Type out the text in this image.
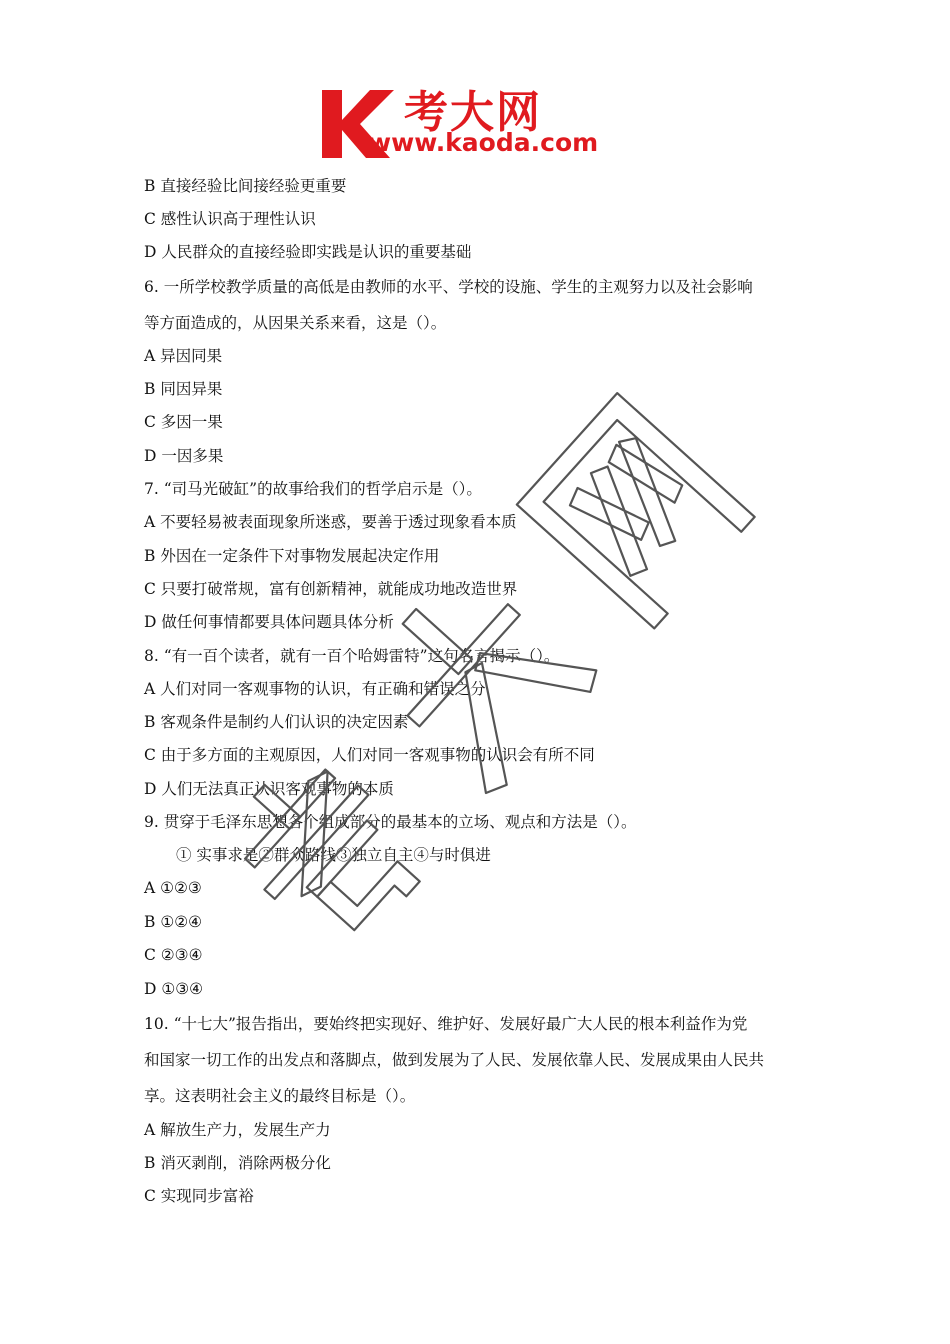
考大网
www.kaoda.com
B 直接经验比间接经验更重要
C 感性认识高于理性认识
D 人民群众的直接经验即实践是认识的重要基础
6. 一所学校教学质量的高低是由教师的水平、学校的设施、学生的主观努力以及社会影响
等方面造成的，从因果关系来看，这是（）。
A 异因同果
B 同因异果
C 多因一果
D 一因多果
7. “司马光破缸”的故事给我们的哲学启示是（）。
A 不要轻易被表面现象所迷惑，要善于透过现象看本质
B 外因在一定条件下对事物发展起决定作用
C 只要打破常规，富有创新精神，就能成功地改造世界
D 做任何事情都要具体问题具体分析
8. “有一百个读者，就有一百个哈姆雷特”这句名言揭示（）。
A 人们对同一客观事物的认识，有正确和错误之分
B 客观条件是制约人们认识的决定因素
C 由于多方面的主观原因，人们对同一客观事物的认识会有所不同
D 人们无法真正认识客观事物的本质
9. 贯穿于毛泽东思想各个组成部分的最基本的立场、观点和方法是（）。
① 实事求是②群众路线③独立自主④与时俱进
A ①②③
B ①②④
C ②③④
D ①③④
10. “十七大”报告指出，要始终把实现好、维护好、发展好最广大人民的根本利益作为党
和国家一切工作的出发点和落脚点，做到发展为了人民、发展依靠人民、发展成果由人民共
享。这表明社会主义的最终目标是（）。
A 解放生产力，发展生产力
B 消灭剥削，消除两极分化
C 实现同步富裕
